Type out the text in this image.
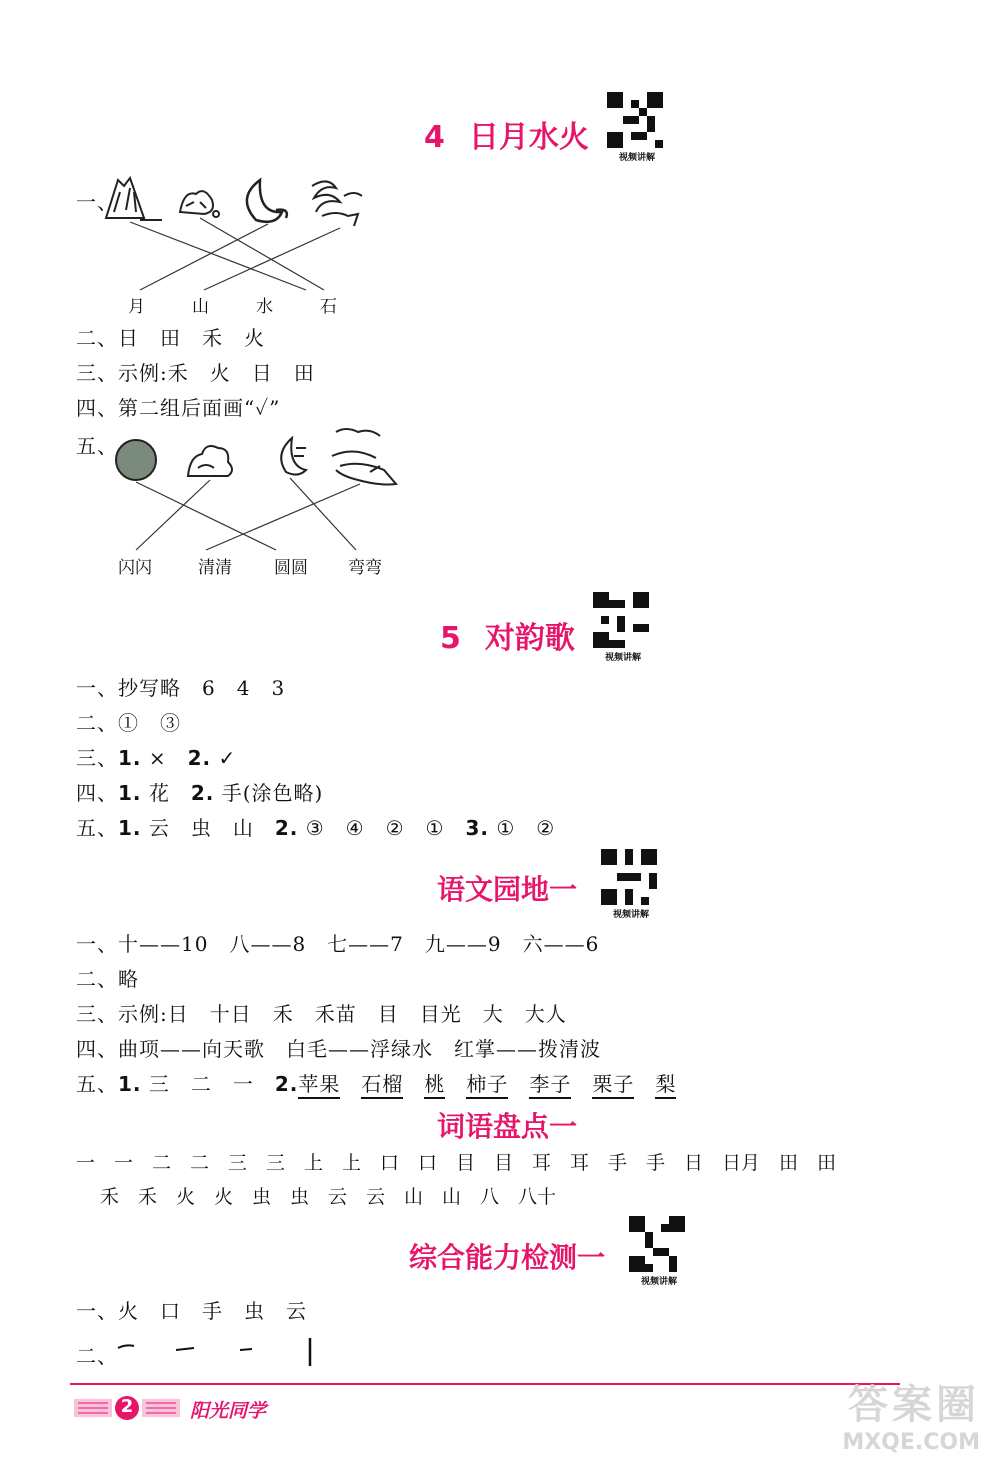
4 日月水火
视频讲解
一、
月	山	水	石
二、日　田　禾　火
三、示例:禾　火　日　田
四、第二组后面画“✓”
五、
闪闪	清清 圆圆 弯弯
5 对韵歌
视频讲解
一、抄写略　6　4　3
二、①　③
三、1. ×　2. ✓
四、1. 花　2. 手(涂色略)
五、1. 云　虫　山　2. ③　④　②　①　3. ①　②
语文园地一
视频讲解
一、十——10　八——8　七——7　九——9　六——6
二、略
三、示例:日　十日　禾　禾苗　目　目光　大　大人
四、曲项——向天歌　白毛——浮绿水　红掌——拨清波
五、1. 三　二　一　2.苹果　 石榴　 桃　 柿子　 李子　 栗子　 梨
词语盘点一
一　一　二　二　三　三　上　上　口　口　目　目　耳　耳　手　手　日　日月　田　田
禾　禾　火　火　虫　虫　云　云　山　山　八　八十
综合能力检测一
视频讲解
一、火　口　手　虫　云
二、
2	阳光同学	答案圈
MXQE.COM
